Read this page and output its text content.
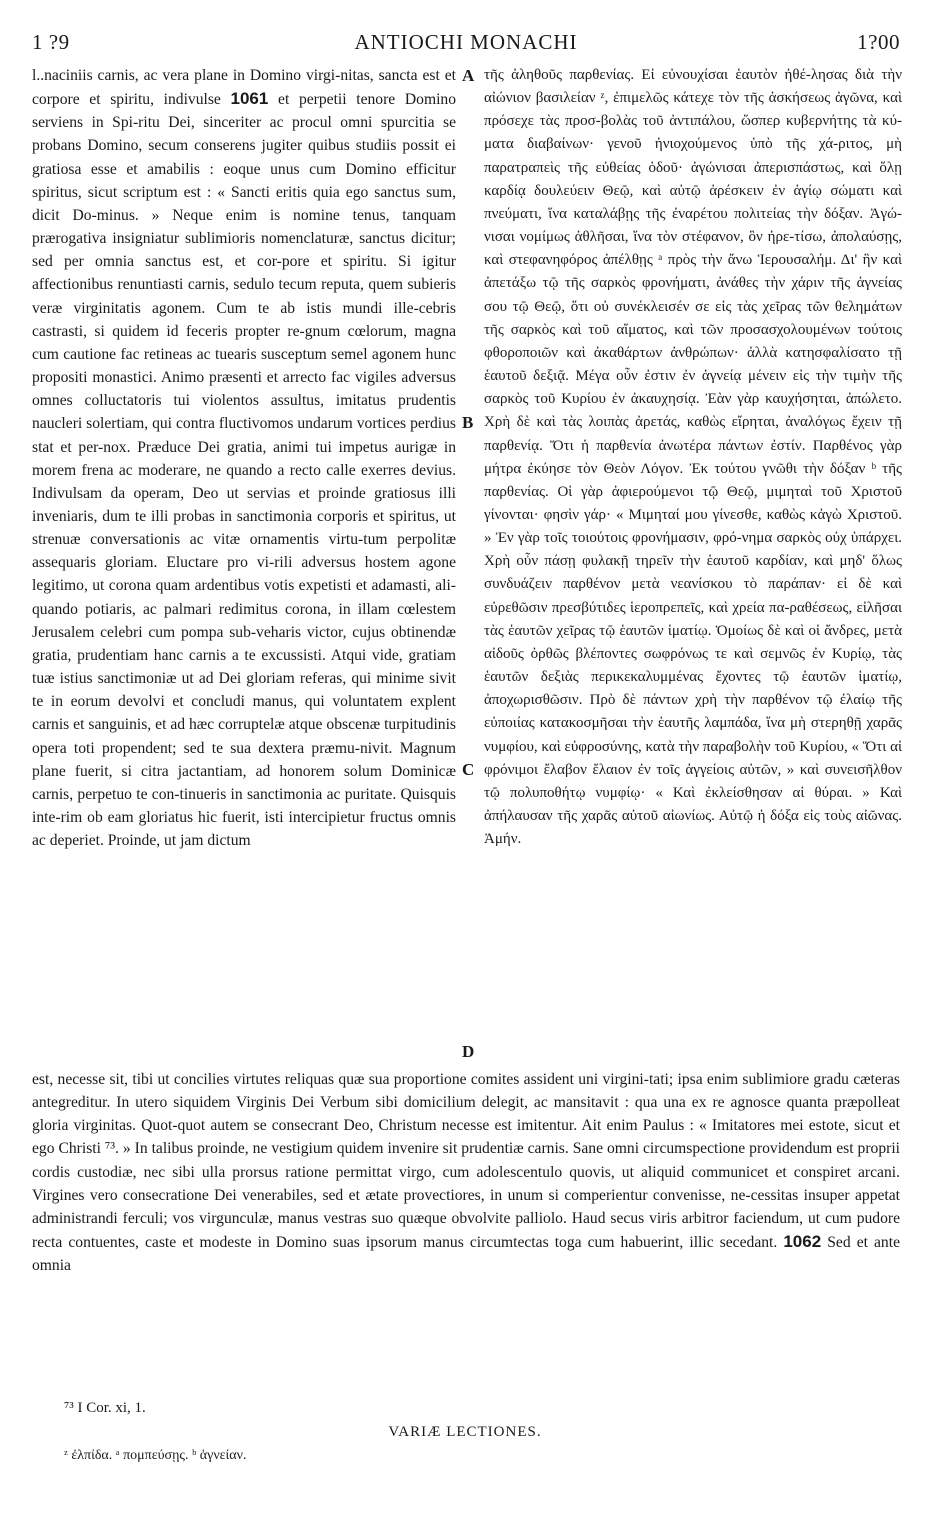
1 ?9	ANTIOCHI MONACHI	1?00
l..naciniis carnis, ac vera plane in Domino virgi-nitas, sancta est et corpore et spiritu, indivulse 1061 et perpetii tenore Domino serviens in Spi-ritu Dei, sinceriter ac procul omni spurcitia se probans Domino, secum conserens jugiter quibus studiis possit ei gratiosa esse et amabilis : eoque unus cum Domino efficitur spiritus, sicut scriptum est : « Sancti eritis quia ego sanctus sum, dicit Do-minus. » Neque enim is nomine tenus, tanquam prærogativa insigniatur sublimioris nomenclaturæ, sanctus dicitur; sed per omnia sanctus est, et cor-pore et spiritu. Si igitur affectionibus renuntiasti carnis, sedulo tecum reputa, quem subieris veræ virginitatis agonem. Cum te ab istis mundi ille-cebris castrasti, si quidem id feceris propter re-gnum cœlorum, magna cum cautione fac retineas ac tuearis susceptum semel agonem hunc propositi monastici. Animo præsenti et arrecto fac vigiles adversus omnes colluctatoris tui violentos assultus, imitatus prudentis naucleri solertiam, qui contra fluctivomos undarum vortices perdius stat et per-nox. Præduce Dei gratia, animi tui impetus aurigæ in morem frena ac moderare, ne quando a recto calle exerres devius. Indivulsam da operam, Deo ut servias et proinde gratiosus illi inveniaris, dum te illi probas in sanctimonia corporis et spiritus, ut strenuæ conversationis ac vitæ ornamentis virtu-tum perpolitæ assequaris gloriam. Eluctare pro vi-rili adversus hostem agone legitimo, ut corona quam ardentibus votis expetisti et adamasti, ali-quando potiaris, ac palmari redimitus corona, in illam cœlestem Jerusalem celebri cum pompa sub-veharis victor, cujus obtinendæ gratia, prudentiam hanc carnis a te excussisti. Atqui vide, gratiam tuæ istius sanctimoniæ ut ad Dei gloriam referas, qui minime sivit te in eorum devolvi et concludi manus, qui voluntatem explent carnis et sanguinis, et ad hæc corruptelæ atque obscenæ turpitudinis opera toti propendent; sed te sua dextera præmu-nivit. Magnum plane fuerit, si citra jactantiam, ad honorem solum Dominicæ carnis, perpetuo te con-tinueris in sanctimonia ac puritate. Quisquis inte-rim ob eam gloriatus hic fuerit, isti intercipietur fructus omnis ac deperiet. Proinde, ut jam dictum
A
B
C
D
τῆς ἀληθοῦς παρθενίας. Εἰ εὐνουχίσαι ἑαυτὸν ἠθέ-λησας διὰ τὴν αἰώνιον βασιλείαν ᶻ, ἐπιμελῶς κάτεχε τὸν τῆς ἀσκήσεως ἀγῶνα, καὶ πρόσεχε τὰς προσ-βολὰς τοῦ ἀντιπάλου, ὥσπερ κυβερνήτης τὰ κύ-ματα διαβαίνων· γενοῦ ἡνιοχούμενος ὑπὸ τῆς χά-ριτος, μὴ παρατραπεὶς τῆς εὐθείας ὁδοῦ· ἀγώνισαι ἀπερισπάστως, καὶ ὅλῃ καρδίᾳ δουλεύειν Θεῷ, καὶ αὐτῷ ἀρέσκειν ἐν ἁγίῳ σώματι καὶ πνεύματι, ἵνα καταλάβῃς τῆς ἐναρέτου πολιτείας τὴν δόξαν. Ἀγώ-νισαι νομίμως ἀθλῆσαι, ἵνα τὸν στέφανον, ὃν ἠρε-τίσω, ἀπολαύσῃς, καὶ στεφανηφόρος ἀπέλθῃς ᵃ πρὸς τὴν ἄνω Ἱερουσαλήμ. Δι' ἣν καὶ ἀπετάξω τῷ τῆς σαρκὸς φρονήματι, ἀνάθες τὴν χάριν τῆς ἁγνείας σου τῷ Θεῷ, ὅτι οὐ συνέκλεισέν σε εἰς τὰς χεῖρας τῶν θελημάτων τῆς σαρκὸς καὶ τοῦ αἵματος, καὶ τῶν προσασχολουμένων τούτοις φθοροποιῶν καὶ ἀκαθάρτων ἀνθρώπων· ἀλλὰ κατησφαλίσατο τῇ ἑαυτοῦ δεξιᾷ. Μέγα οὖν ἐστιν ἐν ἁγνείᾳ μένειν εἰς τὴν τιμὴν τῆς σαρκὸς τοῦ Κυρίου ἐν ἀκαυχησίᾳ. Ἐὰν γὰρ καυχήσηται, ἀπώλετο. Χρὴ δὲ καὶ τὰς λοιπὰς ἀρετάς, καθὼς εἴρηται, ἀναλόγως ἔχειν τῇ παρθενίᾳ. Ὅτι ἡ παρθενία ἀνωτέρα πάντων ἐστίν. Παρθένος γὰρ μήτρα ἐκύησε τὸν Θεὸν Λόγον. Ἐκ τούτου γνῶθι τὴν δόξαν ᵇ τῆς παρθενίας. Οἱ γὰρ ἀφιερούμενοι τῷ Θεῷ, μιμηταὶ τοῦ Χριστοῦ γίνονται· φησὶν γάρ· « Μιμηταί μου γίνεσθε, καθὼς κἀγὼ Χριστοῦ. » Ἐν γὰρ τοῖς τοιούτοις φρονήμασιν, φρό-νημα σαρκὸς οὐχ ὑπάρχει. Χρὴ οὖν πάσῃ φυλακῇ τηρεῖν τὴν ἑαυτοῦ καρδίαν, καὶ μηδ' ὅλως συνδυάζειν παρθένον μετὰ νεανίσκου τὸ παράπαν· εἰ δὲ καὶ εὐρεθῶσιν πρεσβύτιδες ἱεροπρεπεῖς, καὶ χρεία πα-ραθέσεως, εἰλῆσαι τὰς ἑαυτῶν χεῖρας τῷ ἑαυτῶν ἱματίῳ. Ὁμοίως δὲ καὶ οἱ ἄνδρες, μετὰ αἰδοῦς ὀρθῶς βλέποντες σωφρόνως τε καὶ σεμνῶς ἐν Κυρίῳ, τὰς ἑαυτῶν δεξιὰς περικεκαλυμμένας ἔχοντες τῷ ἑαυτῶν ἱματίῳ, ἀποχωρισθῶσιν. Πρὸ δὲ πάντων χρὴ τὴν παρθένον τῷ ἐλαίῳ τῆς εὐποιίας κατακοσμῆσαι τὴν ἑαυτῆς λαμπάδα, ἵνα μὴ στερηθῇ χαρᾶς νυμφίου, καὶ εὐφροσύνης, κατὰ τὴν παραβολὴν τοῦ Κυρίου, « Ὅτι αἱ φρόνιμοι ἔλαβον ἔλαιον ἐν τοῖς ἀγγείοις αὐτῶν, » καὶ συνεισῆλθον τῷ πολυποθήτῳ νυμφίῳ· « Καὶ ἐκλείσθησαν αἱ θύραι. » Καὶ ἀπήλαυσαν τῆς χαρᾶς αὐτοῦ αἰωνίως. Αὐτῷ ἡ δόξα εἰς τοὺς αἰῶνας. Ἀμήν.
est, necesse sit, tibi ut concilies virtutes reliquas quæ sua proportione comites assident uni virgini-tati; ipsa enim sublimiore gradu cæteras antegreditur. In utero siquidem Virginis Dei Verbum sibi domicilium delegit, ac mansitavit : qua una ex re agnosce quanta præpolleat gloria virginitas. Quot-quot autem se consecrant Deo, Christum necesse est imitentur. Ait enim Paulus : « Imitatores mei estote, sicut et ego Christi ⁷³. » In talibus proinde, ne vestigium quidem invenire sit prudentiæ carnis. Sane omni circumspectione providendum est proprii cordis custodiæ, nec sibi ulla prorsus ratione permittat virgo, cum adolescentulo quovis, ut aliquid communicet et conspiret arcani. Virgines vero consecratione Dei venerabiles, sed et ætate provectiores, in unum si comperientur convenisse, ne-cessitas insuper appetat administrandi ferculi; vos virgunculæ, manus vestras suo quæque obvolvite palliolo. Haud secus viris arbitror faciendum, ut cum pudore recta contuentes, caste et modeste in Domino suas ipsorum manus circumtectas toga cum habuerint, illic secedant. 1062 Sed et ante omnia
⁷³ I Cor. xi, 1.
VARIÆ LECTIONES.
ᶻ ἐλπίδα. ᵃ πομπεύσῃς. ᵇ ἁγνείαν.
